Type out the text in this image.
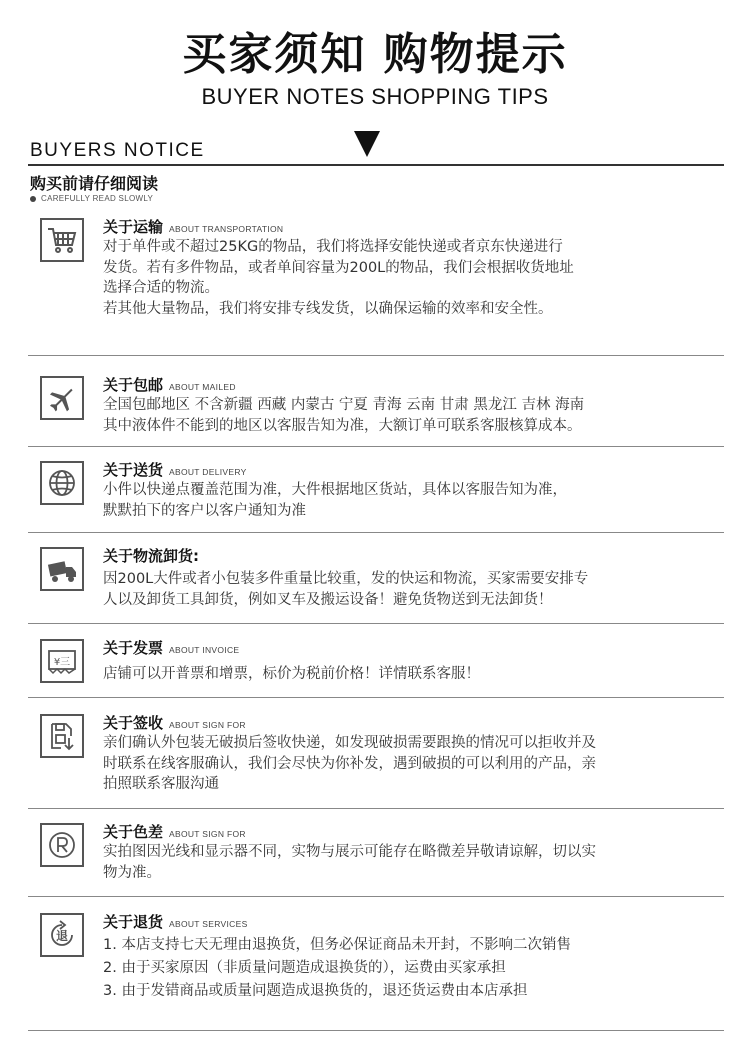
买家须知 购物提示
BUYER NOTES SHOPPING TIPS
BUYERS NOTICE
购买前请仔细阅读
CAREFULLY READ SLOWLY
关于运输 ABOUT TRANSPORTATION

对于单件或不超过25KG的物品，我们将选择安能快递或者京东快递进行

发货。若有多件物品，或者单间容量为200L的物品，我们会根据收货地址

选择合适的物流。

若其他大量物品，我们将安排专线发货，以确保运输的效率和安全性。

关于包邮 ABOUT MAILED

全国包邮地区 不含新疆 西藏 内蒙古 宁夏 青海 云南 甘肃 黑龙江 吉林 海南

其中液体件不能到的地区以客服告知为准，大额订单可联系客服核算成本。

关于送货 ABOUT DELIVERY

小件以快递点覆盖范围为准，大件根据地区货站，具体以客服告知为准，

默默拍下的客户以客户通知为准

关于物流卸货:

因200L大件或者小包装多件重量比较重，发的快运和物流，买家需要安排专

人以及卸货工具卸货，例如叉车及搬运设备！避免货物送到无法卸货！

¥三
关于发票 ABOUT INVOICE

店铺可以开普票和增票，标价为税前价格！详情联系客服！

关于签收 ABOUT SIGN FOR

亲们确认外包装无破损后签收快递，如发现破损需要跟换的情况可以拒收并及

时联系在线客服确认，我们会尽快为你补发，遇到破损的可以利用的产品，亲

拍照联系客服沟通

关于色差 ABOUT SIGN FOR

实拍图因光线和显示器不同，实物与展示可能存在略微差异敬请谅解，切以实

物为准。

退
关于退货 ABOUT SERVICES

1. 本店支持七天无理由退换货，但务必保证商品未开封，不影响二次销售

2. 由于买家原因（非质量问题造成退换货的），运费由买家承担

3. 由于发错商品或质量问题造成退换货的，退还货运费由本店承担
